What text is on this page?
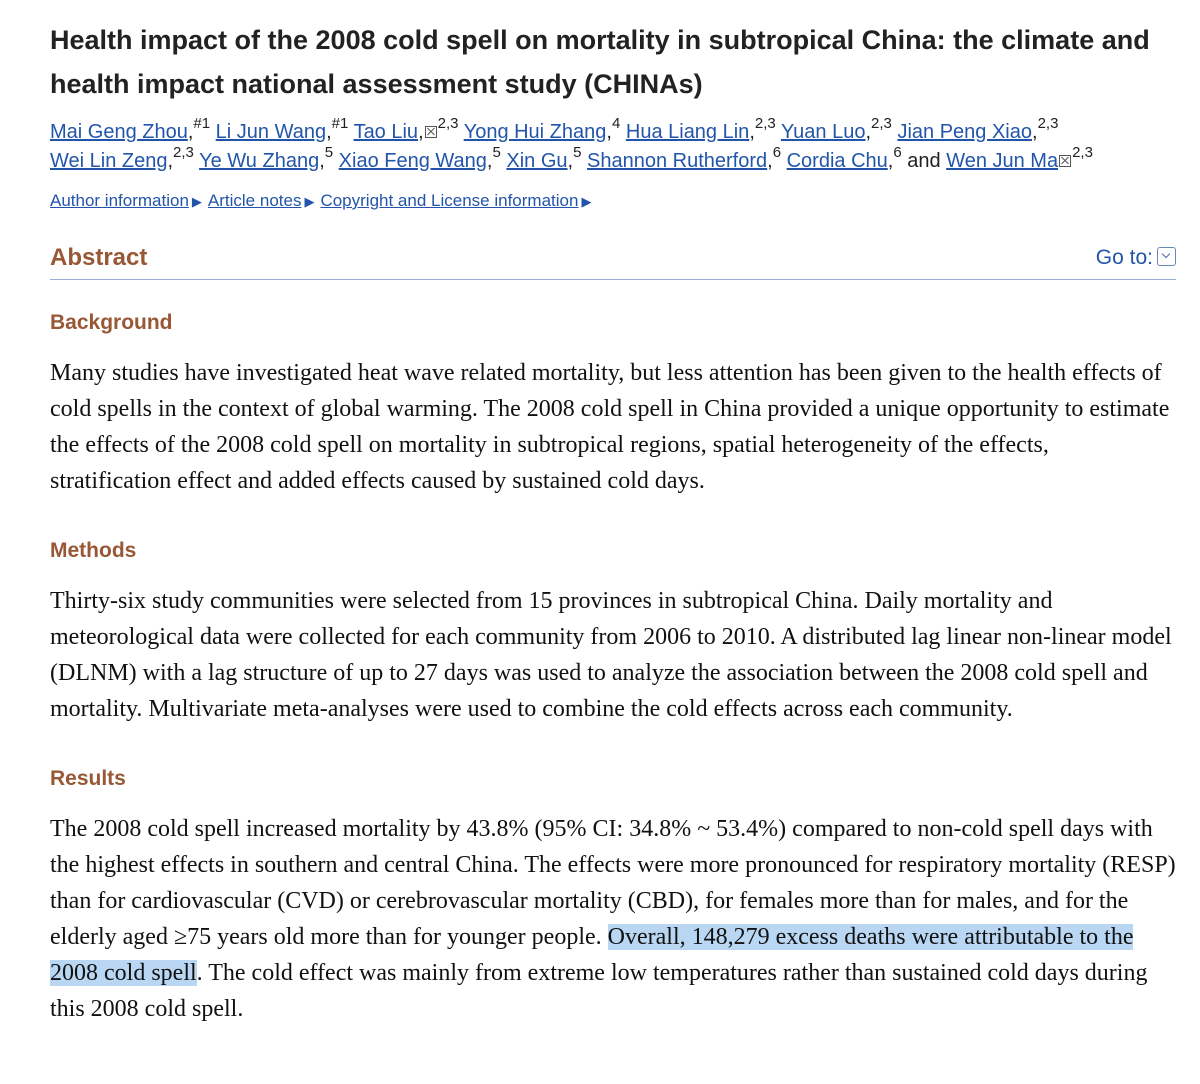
Health impact of the 2008 cold spell on mortality in subtropical China: the climate and health impact national assessment study (CHINAs)
Mai Geng Zhou,$^{\#1}$ Li Jun Wang,$^{\#1}$ Tao Liu, $^{2,3}$ Yong Hui Zhang,$^4$ Hua Liang Lin,$^{2,3}$ Yuan Luo,$^{2,3}$ Jian Peng Xiao,$^{2,3}$
Wei Lin Zeng,$^{2,3}$ Ye Wu Zhang,$^5$ Xiao Feng Wang,$^5$ Xin Gu,$^5$ Shannon Rutherford,$^6$ Cordia Chu,$^6$ and Wen Jun Ma $^{2,3}$
Author information ▶ Article notes ▶ Copyright and License information ▶
Abstract	Go to:
Background

Many studies have investigated heat wave related mortality, but less attention has been given to the health effects of cold spells in the context of global warming. The 2008 cold spell in China provided a unique opportunity to estimate the effects of the 2008 cold spell on mortality in subtropical regions, spatial heterogeneity of the effects, stratification effect and added effects caused by sustained cold days.

Methods

Thirty-six study communities were selected from 15 provinces in subtropical China. Daily mortality and meteorological data were collected for each community from 2006 to 2010. A distributed lag linear non-linear model (DLNM) with a lag structure of up to 27 days was used to analyze the association between the 2008 cold spell and mortality. Multivariate meta-analyses were used to combine the cold effects across each community.

Results

The 2008 cold spell increased mortality by 43.8% (95% CI: 34.8% ~ 53.4%) compared to non-cold spell days with the highest effects in southern and central China. The effects were more pronounced for respiratory mortality (RESP) than for cardiovascular (CVD) or cerebrovascular mortality (CBD), for females more than for males, and for the elderly aged ≥75 years old more than for younger people. Overall, 148,279 excess deaths were attributable to the 2008 cold spell. The cold effect was mainly from extreme low temperatures rather than sustained cold days during this 2008 cold spell.
